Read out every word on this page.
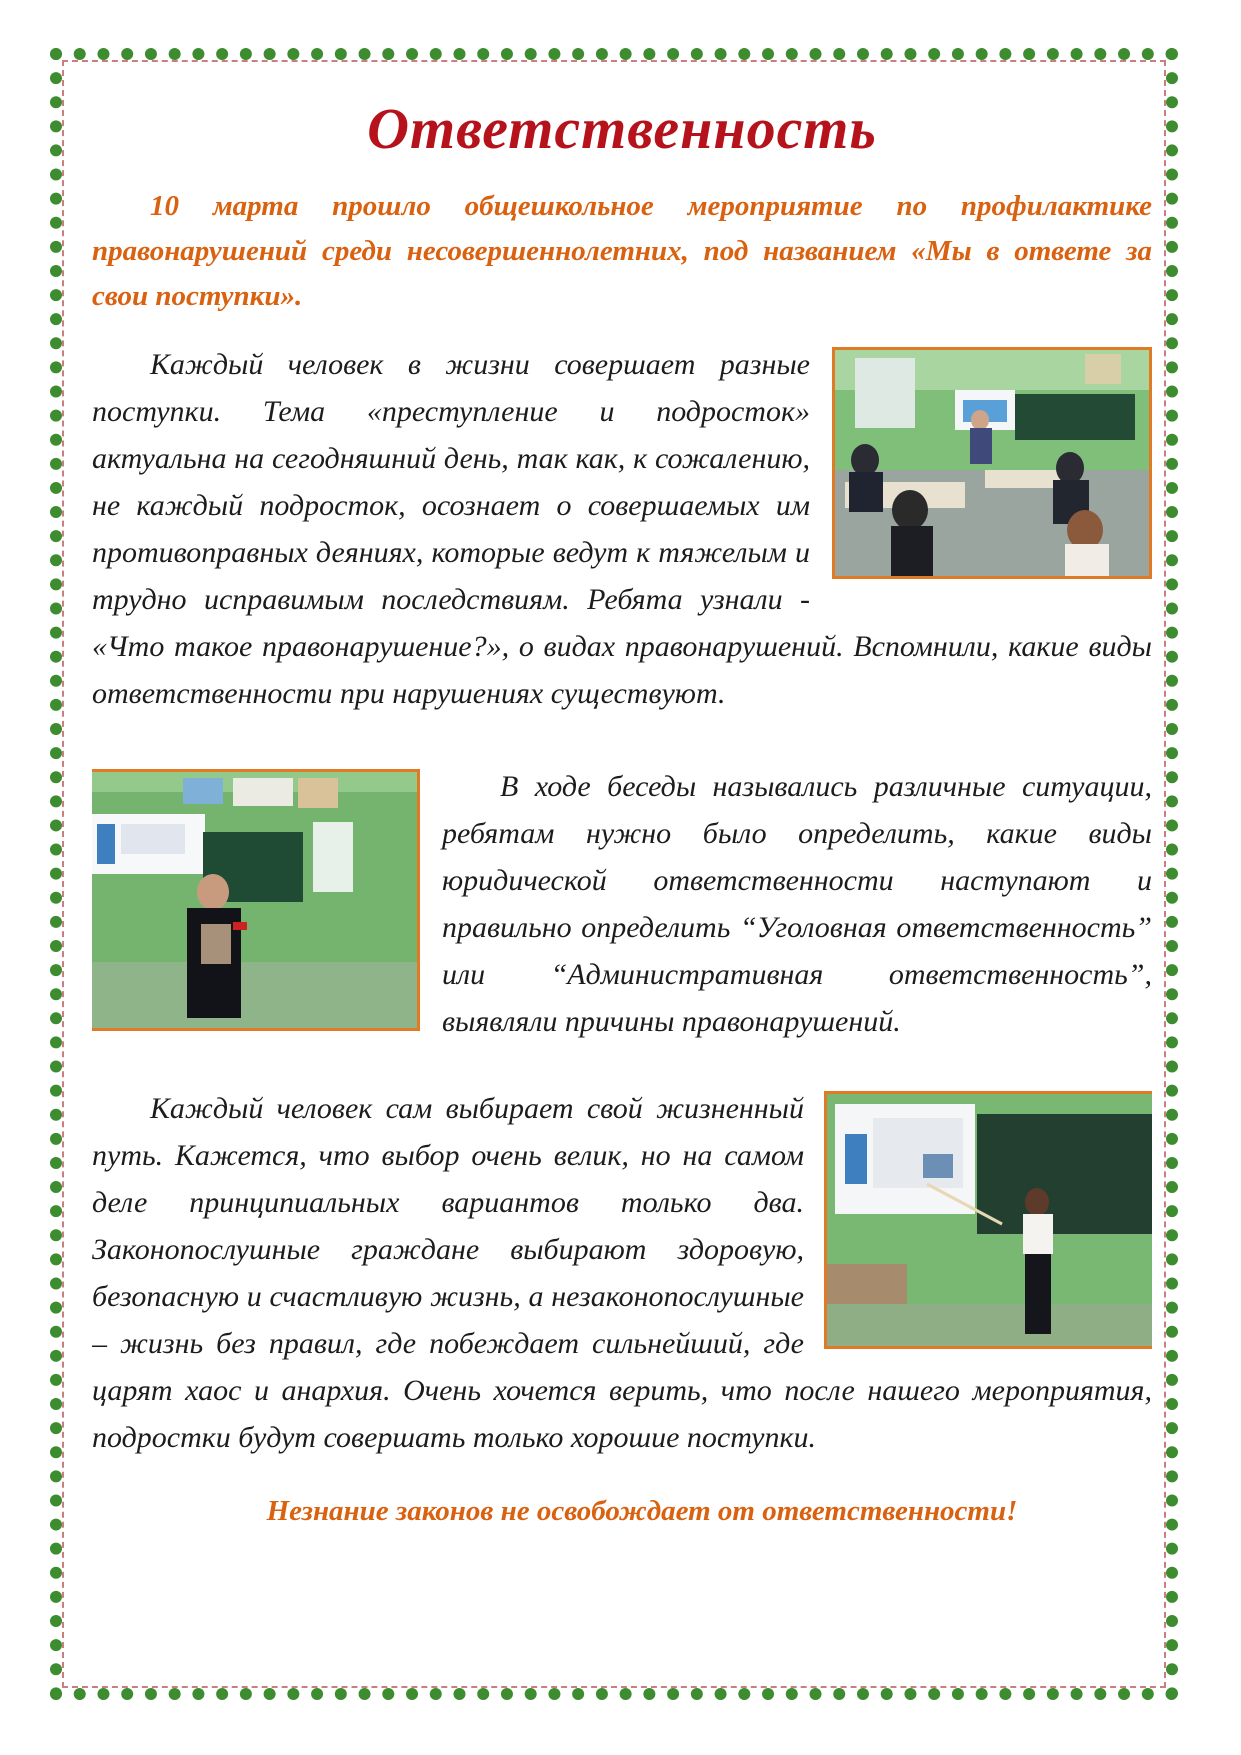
Ответственность

10 марта прошло общешкольное мероприятие по профилактике правонарушений среди несовершеннолетних, под названием «Мы в ответе за свои поступки».

Каждый человек в жизни совершает разные поступки. Тема «преступление и подросток» актуальна на сегодняшний день, так как, к сожалению, не каждый подросток, осознает о совершаемых им противоправных деяниях, которые ведут к тяжелым и трудно исправимым последствиям. Ребята узнали - «Что такое правонарушение?», о видах правонарушений. Вспомнили, какие виды ответственности при нарушениях существуют.

В ходе беседы назывались различные ситуации, ребятам нужно было определить, какие виды юридической ответственности наступают и правильно определить “Уголовная ответственность” или “Административная ответственность”, выявляли причины правонарушений.

Каждый человек сам выбирает свой жизненный путь. Кажется, что выбор очень велик, но на самом деле принципиальных вариантов только два. Законопослушные граждане выбирают здоровую, безопасную и счастливую жизнь, а незаконопослушные – жизнь без правил, где побеждает сильнейший, где царят хаос и анархия. Очень хочется верить, что после нашего мероприятия, подростки будут совершать только хорошие поступки.

Незнание законов не освобождает от ответственности!
